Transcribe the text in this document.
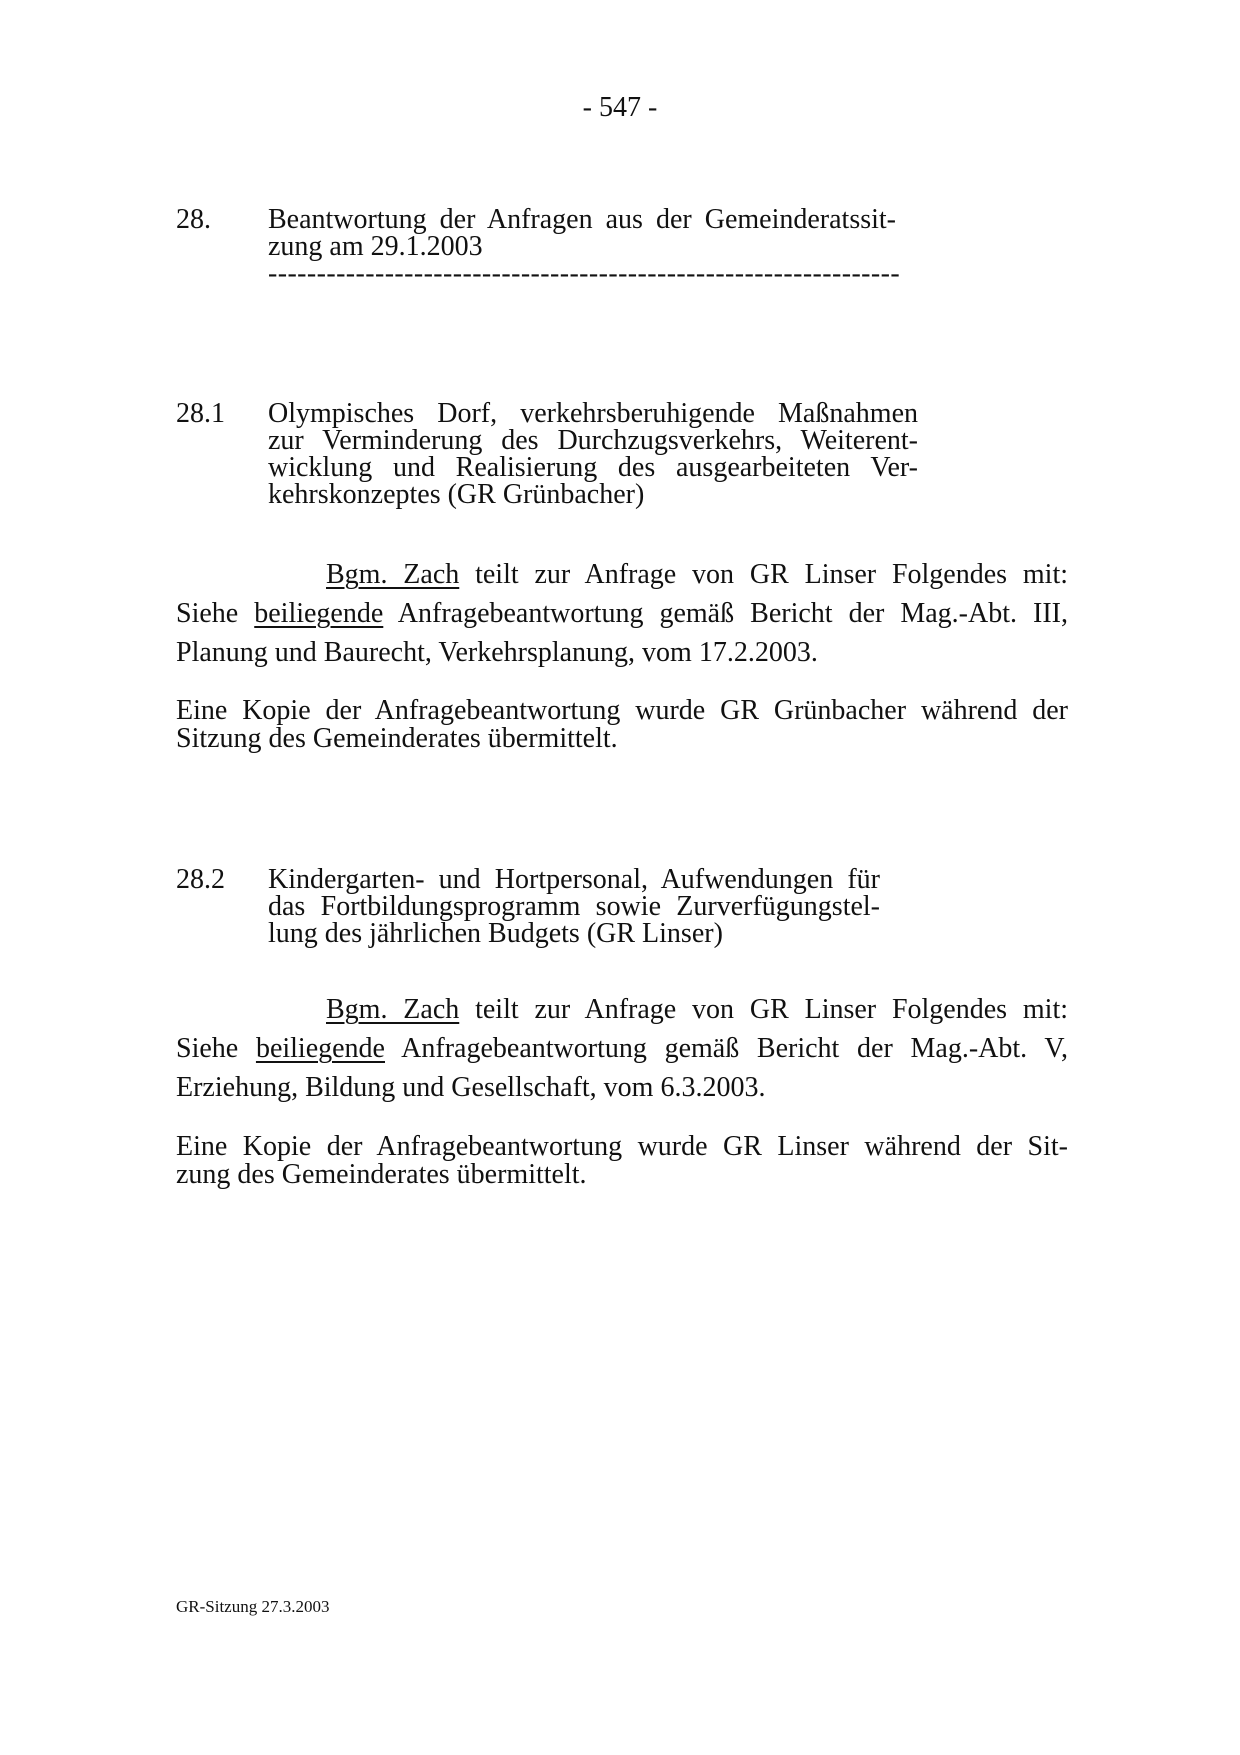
- 547 -
28. Beantwortung der Anfragen aus der Gemeinderatssit-
zung am 29.1.2003
-----------------------------------------------------------------
28.1 Olympisches Dorf, verkehrsberuhigende Maßnahmen
zur Verminderung des Durchzugsverkehrs, Weiterent-
wicklung und Realisierung des ausgearbeiteten Ver-
kehrskonzeptes (GR Grünbacher)
Bgm. Zach teilt zur Anfrage von GR Linser Folgendes mit:
Siehe beiliegende Anfragebeantwortung gemäß Bericht der Mag.-Abt. III,
Planung und Baurecht, Verkehrsplanung, vom 17.2.2003.
Eine Kopie der Anfragebeantwortung wurde GR Grünbacher während der
Sitzung des Gemeinderates übermittelt.
28.2 Kindergarten- und Hortpersonal, Aufwendungen für
das Fortbildungsprogramm sowie Zurverfügungstel-
lung des jährlichen Budgets (GR Linser)
Bgm. Zach teilt zur Anfrage von GR Linser Folgendes mit:
Siehe beiliegende Anfragebeantwortung gemäß Bericht der Mag.-Abt. V,
Erziehung, Bildung und Gesellschaft, vom 6.3.2003.
Eine Kopie der Anfragebeantwortung wurde GR Linser während der Sit-
zung des Gemeinderates übermittelt.
GR-Sitzung 27.3.2003
